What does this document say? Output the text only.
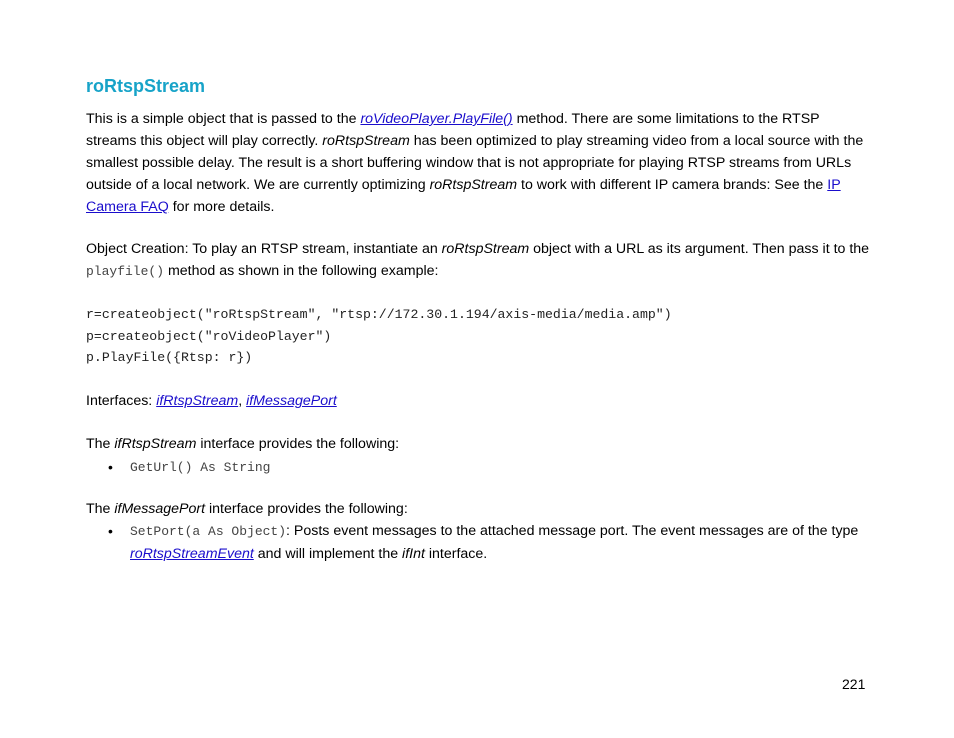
roRtspStream

This is a simple object that is passed to the roVideoPlayer.PlayFile() method. There are some limitations to the RTSP streams this object will play correctly. roRtspStream has been optimized to play streaming video from a local source with the smallest possible delay. The result is a short buffering window that is not appropriate for playing RTSP streams from URLs outside of a local network. We are currently optimizing roRtspStream to work with different IP camera brands: See the IP Camera FAQ for more details.

Object Creation: To play an RTSP stream, instantiate an roRtspStream object with a URL as its argument. Then pass it to the playfile() method as shown in the following example:

r=createobject("roRtspStream", "rtsp://172.30.1.194/axis-media/media.amp")
p=createobject("roVideoPlayer")
p.PlayFile({Rtsp: r})

Interfaces: ifRtspStream, ifMessagePort

The ifRtspStream interface provides the following:

• GetUrl() As String

The ifMessagePort interface provides the following:

• SetPort(a As Object): Posts event messages to the attached message port. The event messages are of the type roRtspStreamEvent and will implement the ifInt interface.
221
